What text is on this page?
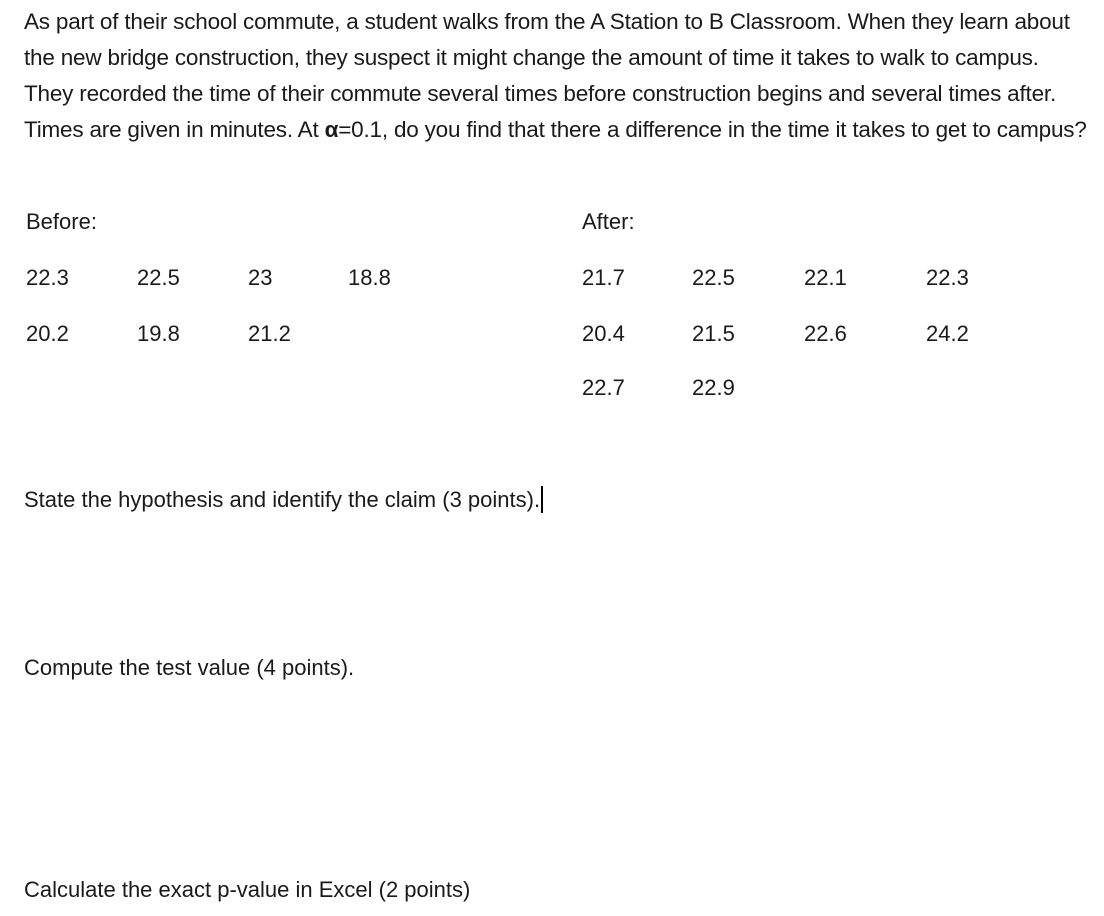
As part of their school commute, a student walks from the A Station to B Classroom. When they learn about the new bridge construction, they suspect it might change the amount of time it takes to walk to campus. They recorded the time of their commute several times before construction begins and several times after. Times are given in minutes. At α=0.1, do you find that there a difference in the time it takes to get to campus?

Before:	After:

22.3	22.5	23	18.8

20.2	19.8	21.2

21.7	22.5	22.1	22.3

20.4	21.5	22.6	24.2

22.7	22.9

State the hypothesis and identify the claim (3 points).

Compute the test value (4 points).

Calculate the exact p-value in Excel (2 points)
